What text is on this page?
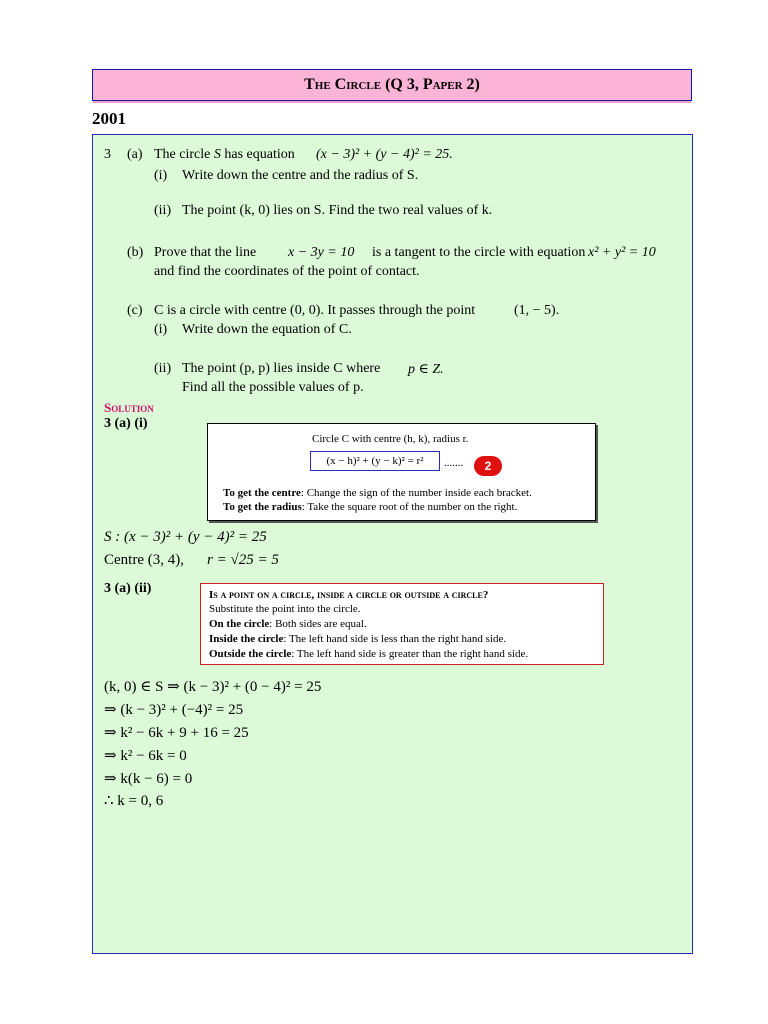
The Circle (Q 3, Paper 2)
2001
3 (a) The circle S has equation (x − 3)² + (y − 4)² = 25.
(i) Write down the centre and the radius of S.
(ii) The point (k, 0) lies on S. Find the two real values of k.
(b) Prove that the line x − 3y = 10 is a tangent to the circle with equation x² + y² = 10
and find the coordinates of the point of contact.
(c) C is a circle with centre (0, 0). It passes through the point	(1, − 5).
(i) Write down the equation of C.
(ii) The point (p, p) lies inside C where p ∈ Z.
Find all the possible values of p.
Solution
3 (a) (i)
Circle C with centre (h, k), radius r.
(x − h)² + (y − k)² = r²	.......	2
To get the centre: Change the sign of the number inside each bracket.
To get the radius: Take the square root of the number on the right.
S : (x − 3)² + (y − 4)² = 25
Centre (3, 4), r = √25 = 5
3 (a) (ii)	Is a point on a circle, inside a circle or outside a circle?
Substitute the point into the circle.
On the circle: Both sides are equal.
Inside the circle: The left hand side is less than the right hand side.
Outside the circle: The left hand side is greater than the right hand side.
(k, 0) ∈ S ⇒ (k − 3)² + (0 − 4)² = 25
⇒ (k − 3)² + (−4)² = 25
⇒ k² − 6k + 9 + 16 = 25
⇒ k² − 6k = 0
⇒ k(k − 6) = 0
∴ k = 0, 6
